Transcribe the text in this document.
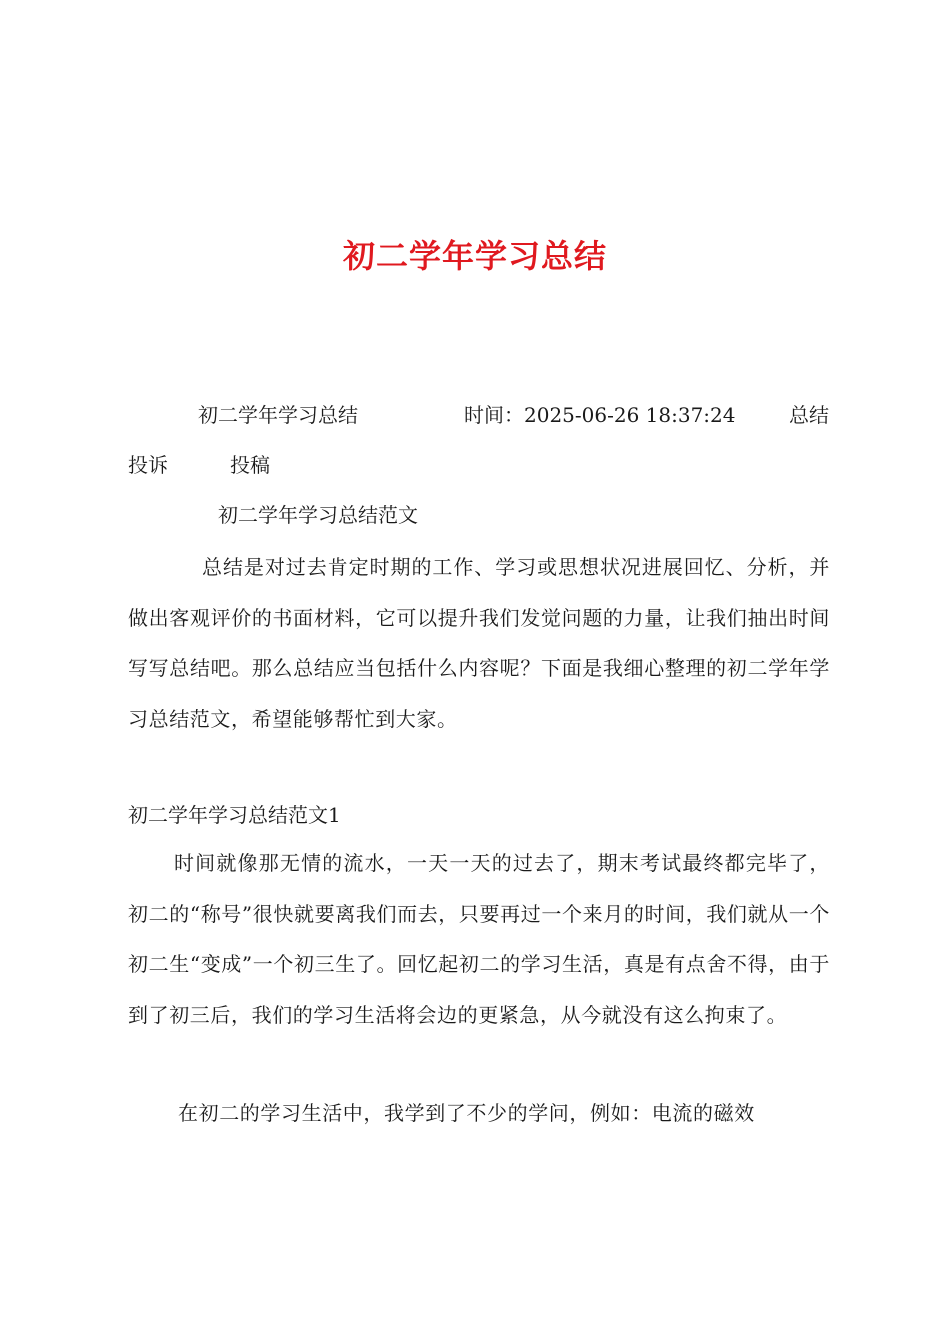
初二学年学习总结
初二学年学习总结	时间：2025-06-26 18:37:24	总结
投诉	投稿
初二学年学习总结范文

总结是对过去肯定时期的工作、学习或思想状况进展回忆、分析，并做出客观评价的书面材料，它可以提升我们发觉问题的力量，让我们抽出时间写写总结吧。那么总结应当包括什么内容呢？下面是我细心整理的初二学年学习总结范文，希望能够帮忙到大家。

初二学年学习总结范文1

时间就像那无情的流水，一天一天的过去了，期末考试最终都完毕了，初二的“称号”很快就要离我们而去，只要再过一个来月的时间，我们就从一个初二生“变成”一个初三生了。回忆起初二的学习生活，真是有点舍不得，由于到了初三后，我们的学习生活将会边的更紧急，从今就没有这么拘束了。

在初二的学习生活中，我学到了不少的学问，例如：电流的磁效
